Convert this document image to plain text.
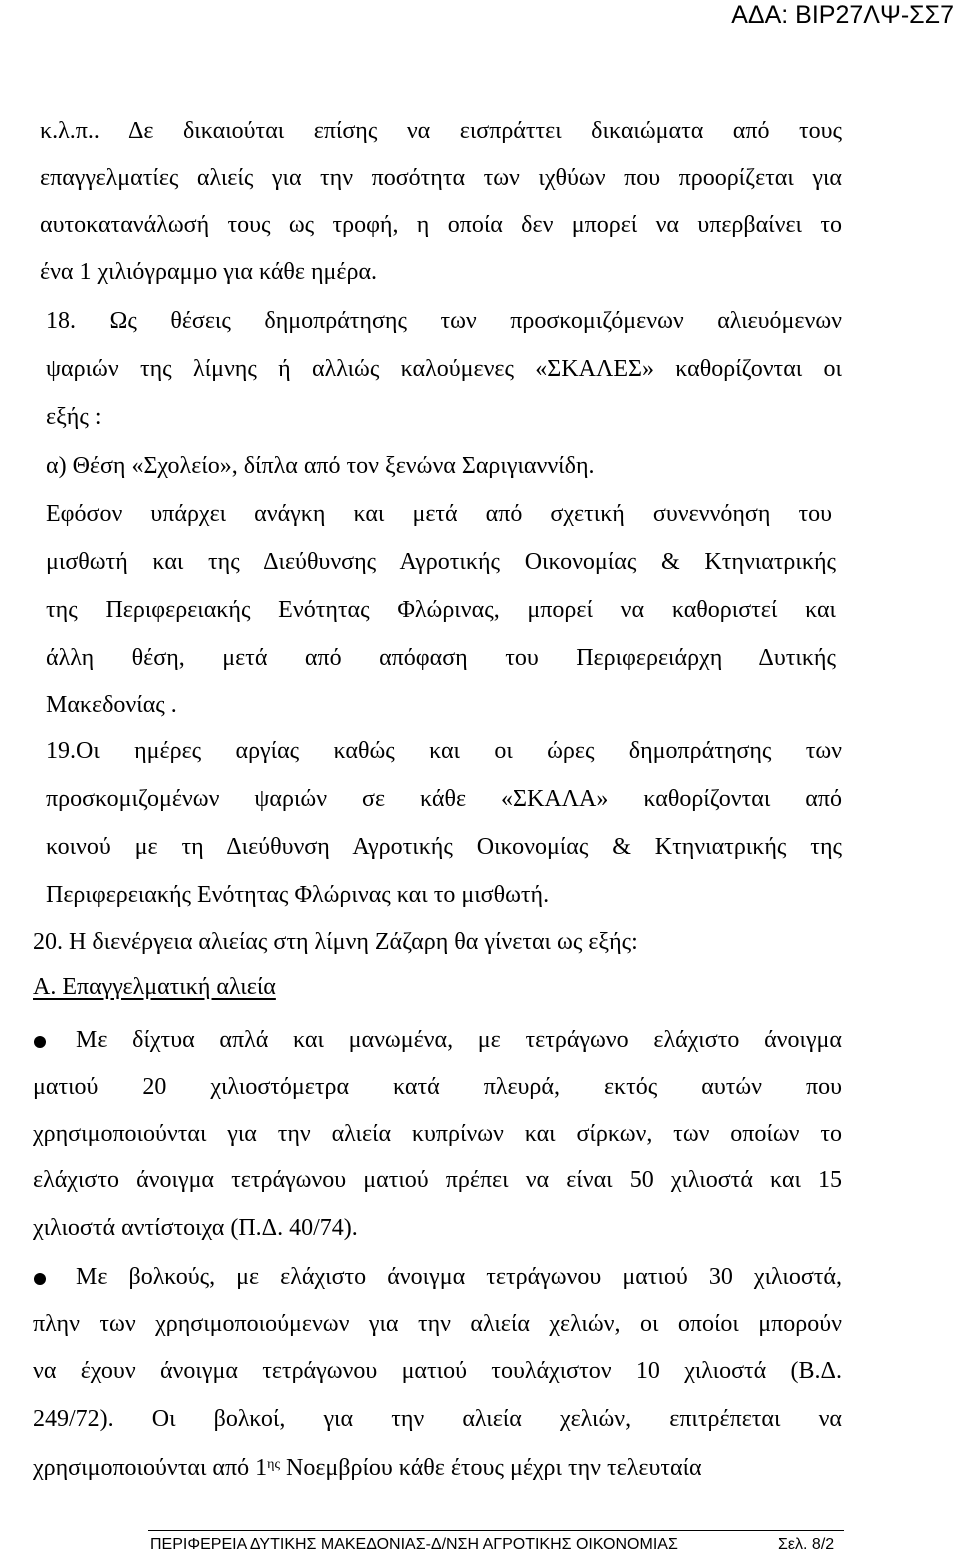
ΑΔΑ: ΒΙΡ27ΛΨ-ΣΣ7
κ.λ.π.. Δε δικαιούται επίσης να εισπράττει δικαιώματα από τους
επαγγελματίες αλιείς για την ποσότητα των ιχθύων που προορίζεται για
αυτοκατανάλωσή τους ως τροφή, η οποία δεν μπορεί να υπερβαίνει το
ένα 1 χιλιόγραμμο για κάθε ημέρα.
18. Ως θέσεις δημοπράτησης των προσκομιζόμενων αλιευόμενων
ψαριών της λίμνης ή αλλιώς καλούμενες «ΣΚΑΛΕΣ» καθορίζονται οι
εξής :
α) Θέση «Σχολείο», δίπλα από τον ξενώνα Σαριγιαννίδη.
Εφόσον υπάρχει ανάγκη και μετά από σχετική συνεννόηση του
μισθωτή και της Διεύθυνσης Αγροτικής Οικονομίας & Κτηνιατρικής
της Περιφερειακής Ενότητας Φλώρινας, μπορεί να καθοριστεί και
άλλη θέση, μετά από απόφαση του Περιφερειάρχη Δυτικής
Μακεδονίας .
19.Οι ημέρες αργίας καθώς και οι ώρες δημοπράτησης των
προσκομιζομένων ψαριών σε κάθε «ΣΚΑΛΑ» καθορίζονται από
κοινού με τη Διεύθυνση Αγροτικής Οικονομίας & Κτηνιατρικής της
Περιφερειακής Ενότητας Φλώρινας και το μισθωτή.
20. Η διενέργεια αλιείας στη λίμνη Ζάζαρη θα γίνεται ως εξής:
Α. Επαγγελματική αλιεία
Με δίχτυα απλά και μανωμένα, με τετράγωνο ελάχιστο άνοιγμα
ματιού 20 χιλιοστόμετρα κατά πλευρά, εκτός αυτών που
χρησιμοποιούνται για την αλιεία κυπρίνων και σίρκων, των οποίων το
ελάχιστο άνοιγμα τετράγωνου ματιού πρέπει να είναι 50 χιλιοστά και 15
χιλιοστά αντίστοιχα (Π.Δ. 40/74).
Με βολκούς, με ελάχιστο άνοιγμα τετράγωνου ματιού 30 χιλιοστά,
πλην των χρησιμοποιούμενων για την αλιεία χελιών, οι οποίοι μπορούν
να έχουν άνοιγμα τετράγωνου ματιού τουλάχιστον 10 χιλιοστά (Β.Δ.
249/72). Οι βολκοί, για την αλιεία χελιών, επιτρέπεται να
χρησιμοποιούνται από $1^{\eta\varsigma}$ Νοεμβρίου κάθε έτους μέχρι την τελευταία
ΠΕΡΙΦΕΡΕΙΑ ΔΥΤΙΚΗΣ ΜΑΚΕΔΟΝΙΑΣ-Δ/ΝΣΗ ΑΓΡΟΤΙΚΗΣ ΟΙΚΟΝΟΜΙΑΣ	Σελ. 8/2
